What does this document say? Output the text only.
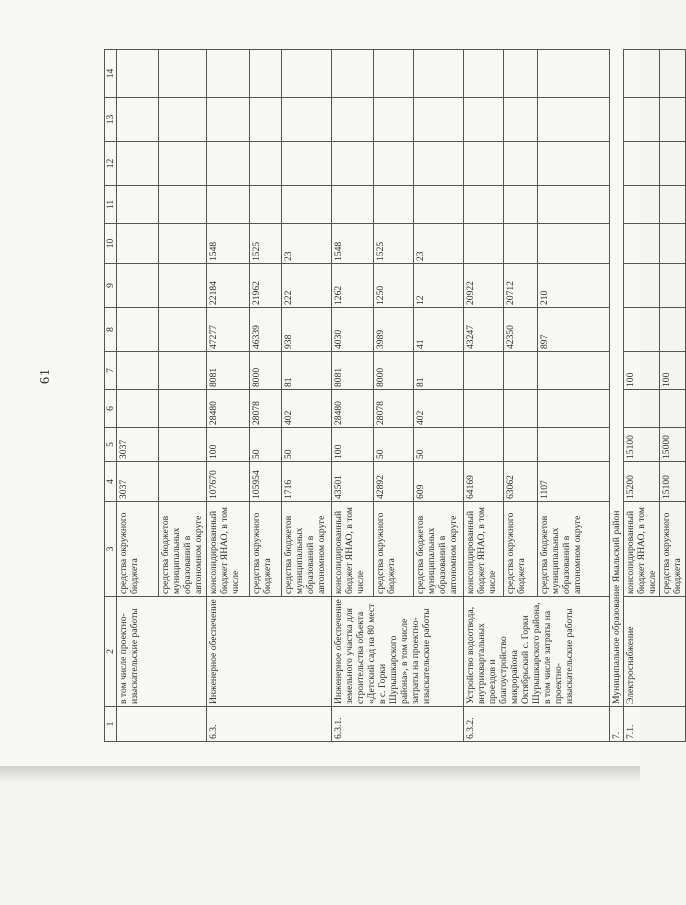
61
1	2	3	4	5	6	7	8	9	10	11	12	13	14
	в том числе проектно-изыскательские работы	средства окружного бюджета	3037	3037									
		средства бюджетов муниципальных образований в автономном округе											
6.3.	Инженерное обеспечение	консолидированный бюджет ЯНАО, в том числе	107670	100	28480	8081	47277	22184	1548				
		средства окружного бюджета	105954	50	28078	8000	46339	21962	1525				
		средства бюджетов муниципальных образований в автономном округе	1716	50	402	81	938	222	23				
6.3.1.	Инженерное обеспечение земельного участка для строительства объекта «Детский сад на 80 мест в с. Горки Шурышкарского района», в том числе затраты на проектно-изыскательские работы	консолидированный бюджет ЯНАО, в том числе	43501	100	28480	8081	4030	1262	1548				
		средства окружного бюджета	42892	50	28078	8000	3989	1250	1525				
		средства бюджетов муниципальных образований в автономном округе	609	50	402	81	41	12	23				
6.3.2.	Устройство водоотвода, внутриквартальных проездов и благоустройство микрорайона Октябрьский с. Горки Шурышкарского района, в том числе затраты на проектно-изыскательские работы	консолидированный бюджет ЯНАО, в том числе	64169				43247	20922					
		средства окружного бюджета	63062				42350	20712					
		средства бюджетов муниципальных образований в автономном округе	1107				897	210					
7.	Муниципальное образование Ямальский район												
7.1.	Электроснабжение	консолидированный бюджет ЯНАО, в том числе	15200	15100		100							
		средства окружного бюджета	15100	15000		100							
